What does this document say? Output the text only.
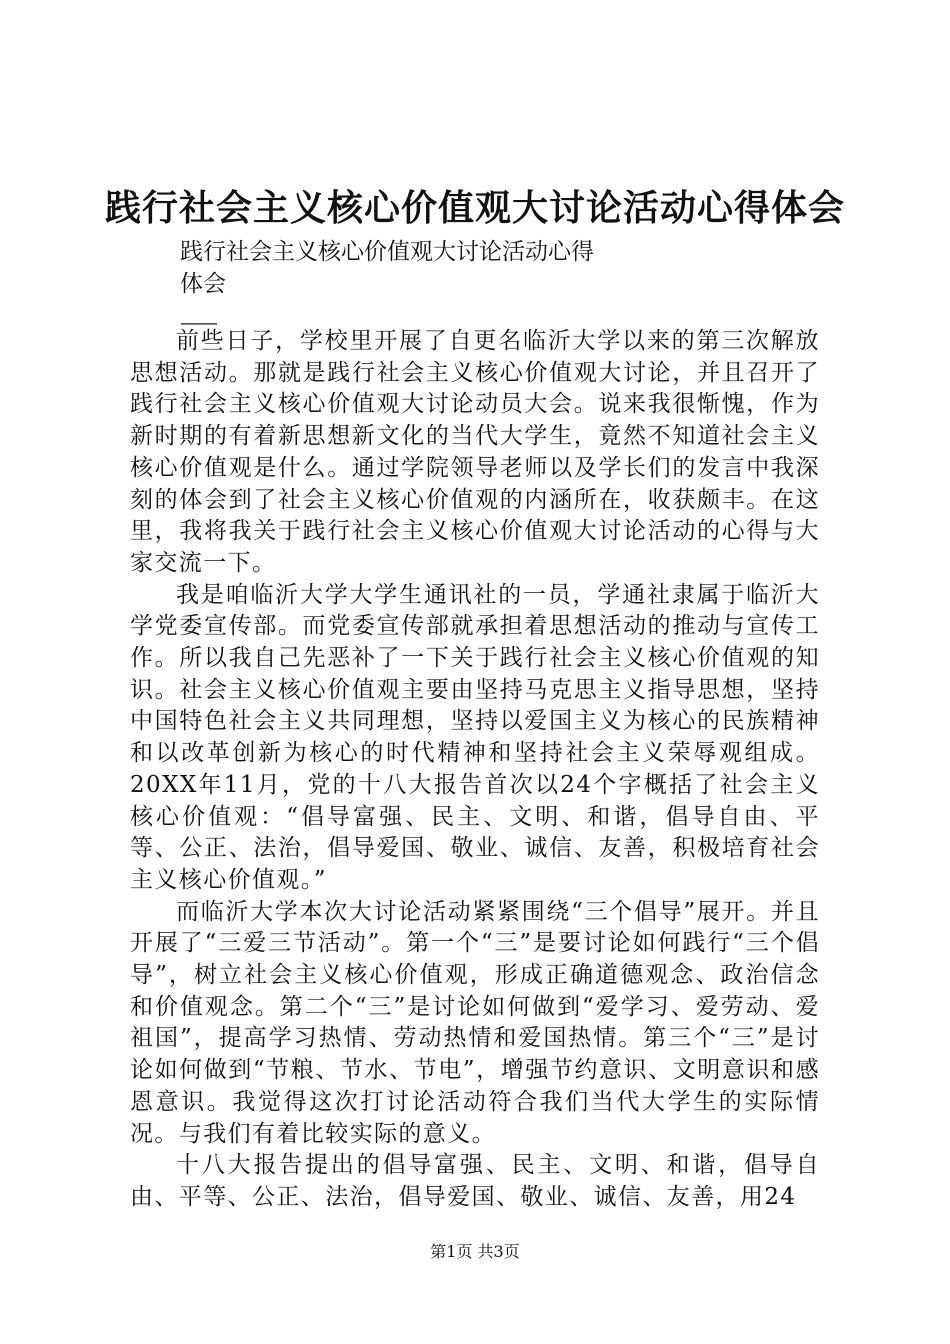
践行社会主义核心价值观大讨论活动心得体会
践行社会主义核心价值观大讨论活动心得
体会
——

前些日子，学校里开展了自更名临沂大学以来的第三次解放思想活动。那就是践行社会主义核心价值观大讨论，并且召开了践行社会主义核心价值观大讨论动员大会。说来我很惭愧，作为新时期的有着新思想新文化的当代大学生，竟然不知道社会主义核心价值观是什么。通过学院领导老师以及学长们的发言中我深刻的体会到了社会主义核心价值观的内涵所在，收获颇丰。在这里，我将我关于践行社会主义核心价值观大讨论活动的心得与大家交流一下。

我是咱临沂大学大学生通讯社的一员，学通社隶属于临沂大学党委宣传部。而党委宣传部就承担着思想活动的推动与宣传工作。所以我自己先恶补了一下关于践行社会主义核心价值观的知识。社会主义核心价值观主要由坚持马克思主义指导思想，坚持中国特色社会主义共同理想，坚持以爱国主义为核心的民族精神和以改革创新为核心的时代精神和坚持社会主义荣辱观组成。20XX年11月，党的十八大报告首次以24个字概括了社会主义核心价值观：“倡导富强、民主、文明、和谐，倡导自由、平等、公正、法治，倡导爱国、敬业、诚信、友善，积极培育社会主义核心价值观。”

而临沂大学本次大讨论活动紧紧围绕“三个倡导”展开。并且开展了“三爱三节活动”。第一个“三”是要讨论如何践行“三个倡导”，树立社会主义核心价值观，形成正确道德观念、政治信念和价值观念。第二个“三”是讨论如何做到“爱学习、爱劳动、爱祖国”，提高学习热情、劳动热情和爱国热情。第三个“三”是讨论如何做到“节粮、节水、节电”，增强节约意识、文明意识和感恩意识。我觉得这次打讨论活动符合我们当代大学生的实际情况。与我们有着比较实际的意义。

十八大报告提出的倡导富强、民主、文明、和谐，倡导自由、平等、公正、法治，倡导爱国、敬业、诚信、友善，用24

第1页 共3页
